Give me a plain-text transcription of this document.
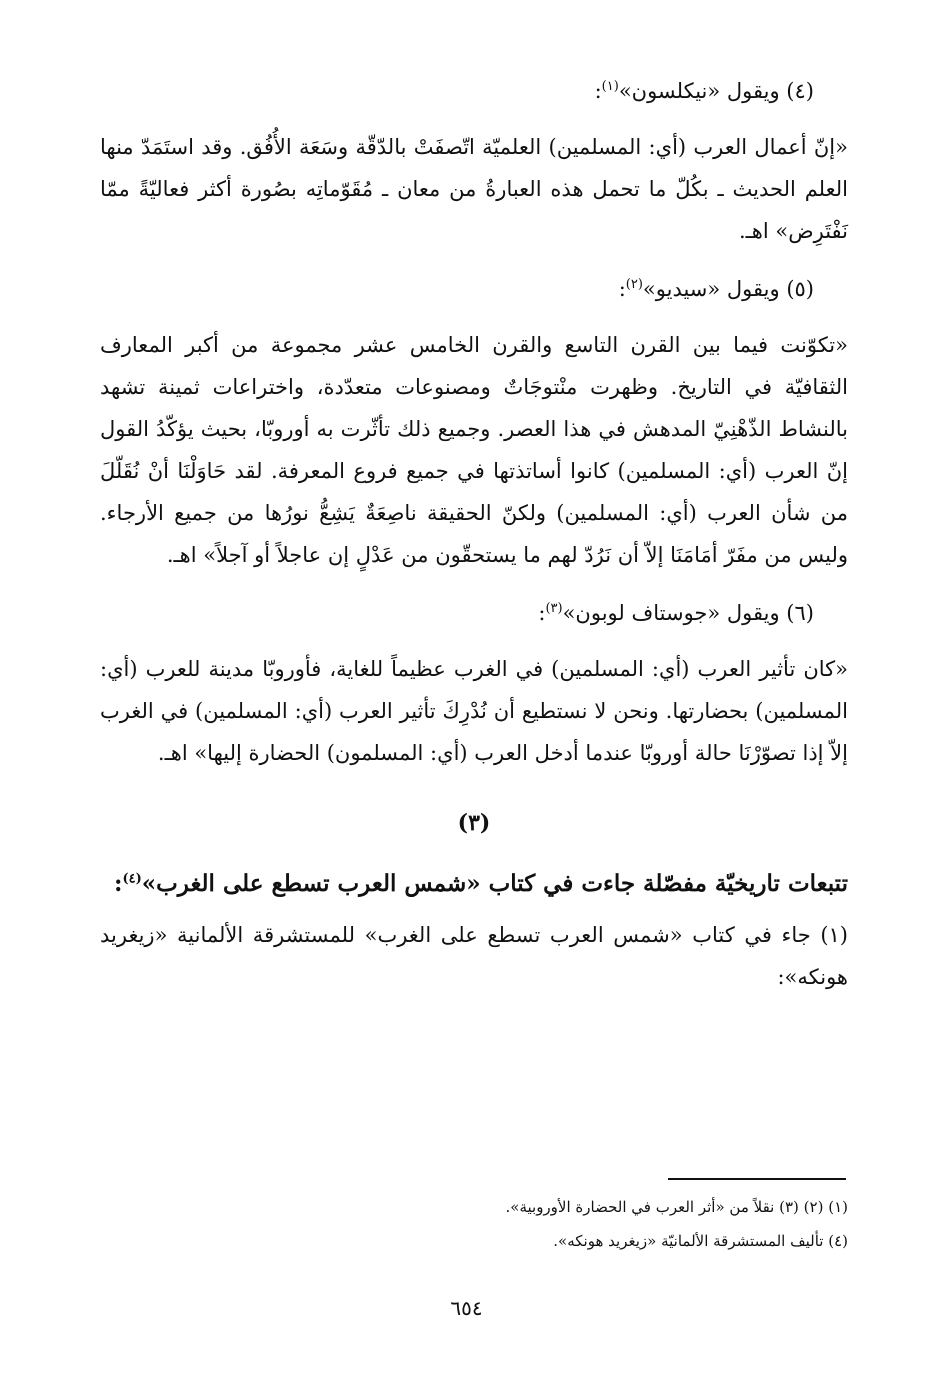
(٤) ويقول «نيكلسون»$^{(١)}$:

«إنّ أعمال العرب (أي: المسلمين) العلميّة اتّصفَتْ بالدّقّة وسَعَة الأُفُق. وقد استَمَدّ منها العلم الحديث ـ بكُلّ ما تحمل هذه العبارةُ من معان ـ مُقَوّماتِه بصُورة أكثر فعاليّةً ممّا نَفْتَرِض» اهـ.

(٥) ويقول «سيديو»$^{(٢)}$:

«تكوّنت فيما بين القرن التاسع والقرن الخامس عشر مجموعة من أكبر المعارف الثقافيّة في التاريخ. وظهرت منْتوجَاتٌ ومصنوعات متعدّدة، واختراعات ثمينة تشهد بالنشاط الذّهْنِيّ المدهش في هذا العصر. وجميع ذلك تأثّرت به أوروبّا، بحيث يؤكّدُ القول إنّ العرب (أي: المسلمين) كانوا أساتذتها في جميع فروع المعرفة. لقد حَاوَلْنَا أنْ نُقَلّلَ من شأن العرب (أي: المسلمين) ولكنّ الحقيقة ناصِعَةٌ يَشِعُّ نورُها من جميع الأرجاء. وليس من مفَرّ أمَامَنَا إلاّ أن نَرُدّ لهم ما يستحقّون من عَدْلٍ إن عاجلاً أو آجلاً» اهـ.

(٦) ويقول «جوستاف لوبون»$^{(٣)}$:

«كان تأثير العرب (أي: المسلمين) في الغرب عظيماً للغاية، فأوروبّا مدينة للعرب (أي: المسلمين) بحضارتها. ونحن لا نستطيع أن نُدْرِكَ تأثير العرب (أي: المسلمين) في الغرب إلاّ إذا تصوّرْنَا حالة أوروبّا عندما أدخل العرب (أي: المسلمون) الحضارة إليها» اهـ.

(٣)

تتبعات تاريخيّة مفصّلة جاءت في كتاب «شمس العرب تسطع على الغرب»$^{(٤)}$:

(١) جاء في كتاب «شمس العرب تسطع على الغرب» للمستشرقة الألمانية «زيغريد هونكه»:

(١) (٢) (٣) نقلاً من «أثر العرب في الحضارة الأوروبية».

(٤) تأليف المستشرقة الألمانيّة «زيغريد هونكه».

٦٥٤
